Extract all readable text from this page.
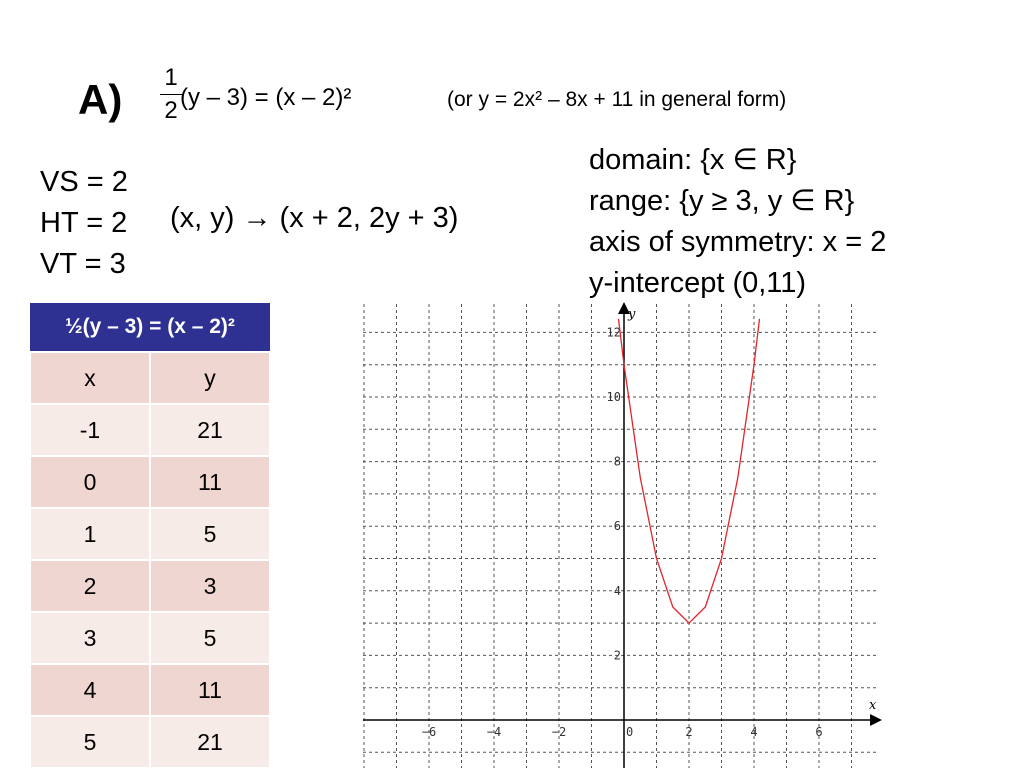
A) 1
2 (y – 3) = (x – 2)²	(or y = 2x² – 8x + 11 in general form)
VS = 2
HT = 2
VT = 3
(x, y) → (x + 2, 2y + 3)
domain: {x ∈ R}
range: {y ≥ 3, y ∈ R}
axis of symmetry: x = 2
y-intercept (0,11)
½(y – 3) = (x – 2)²	
x	y
-1	21
0	11
1	5
2	3
3	5
4	11
5	21
x
y
−6	−4	−2	0	2	4	6
2
4
6
8
10
12
